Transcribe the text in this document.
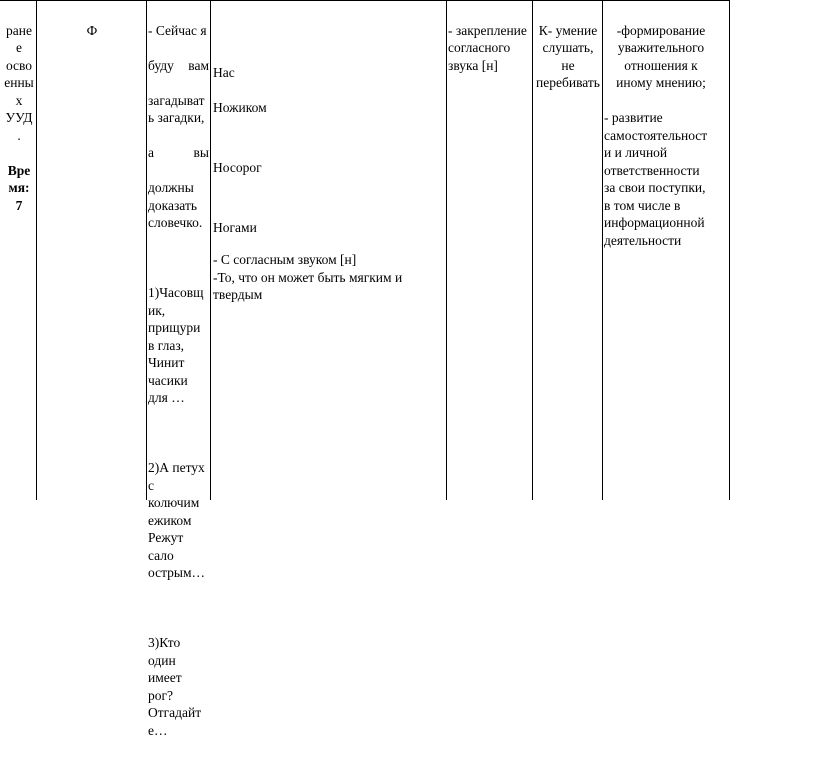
ране
е
осво
енны
х
УУД
.

Вре
мя:
7

Ф	- Сейчас я

буду вам

загадыват
ь загадки,

а вы

должны
доказать
словечко.

1)Часовщ
ик,
прищури
в глаз,
Чинит
часики
для …

2)А петух
с
колючим
ежиком
Режут
сало
острым…

3)Кто
один
имеет
рог?
Отгадайт
е…

Нас

Ножиком

Носорог

Ногами

- С согласным звуком [н]
-То, что он может быть мягким и
твердым

- закрепление
согласного
звука [н]

К- умение
слушать,
не
перебивать

-формирование
уважительного
отношения к
иному мнению;

- развитие
самостоятельност
и и личной
ответственности
за свои поступки,
в том числе в
информационной
деятельности
